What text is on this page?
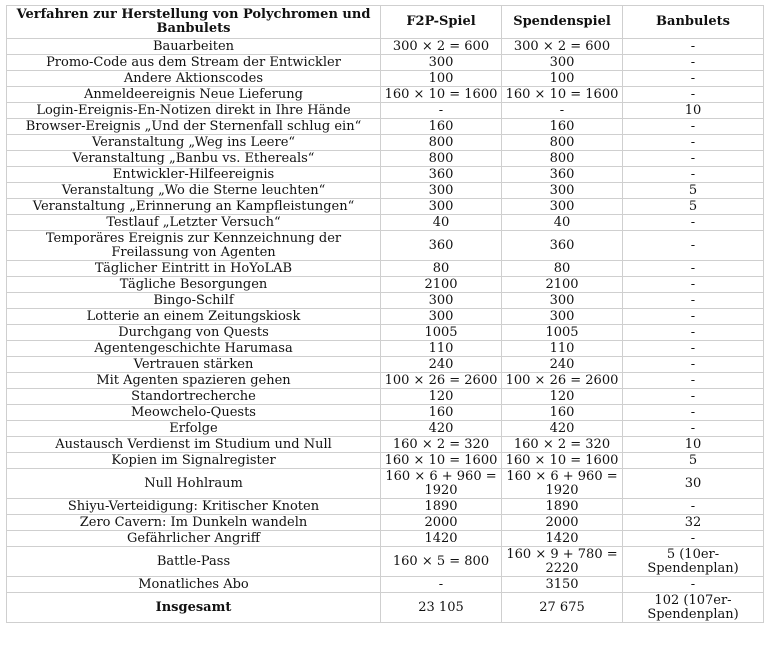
Verfahren zur Herstellung von Polychromen und Banbulets	F2P-Spiel	Spendenspiel	Banbulets
Bauarbeiten	300 × 2 = 600	300 × 2 = 600	-
Promo-Code aus dem Stream der Entwickler	300	300	-
Andere Aktionscodes	100	100	-
Anmeldeereignis Neue Lieferung	160 × 10 = 1600	160 × 10 = 1600	-
Login-Ereignis-En-Notizen direkt in Ihre Hände	-	-	10
Browser-Ereignis „Und der Sternenfall schlug ein“	160	160	-
Veranstaltung „Weg ins Leere“	800	800	-
Veranstaltung „Banbu vs. Ethereals“	800	800	-
Entwickler-Hilfeereignis	360	360	-
Veranstaltung „Wo die Sterne leuchten“	300	300	5
Veranstaltung „Erinnerung an Kampfleistungen“	300	300	5
Testlauf „Letzter Versuch“	40	40	-
Temporäres Ereignis zur Kennzeichnung der Freilassung von Agenten	360	360	-
Täglicher Eintritt in HoYoLAB	80	80	-
Tägliche Besorgungen	2100	2100	-
Bingo-Schilf	300	300	-
Lotterie an einem Zeitungskiosk	300	300	-
Durchgang von Quests	1005	1005	-
Agentengeschichte Harumasa	110	110	-
Vertrauen stärken	240	240	-
Mit Agenten spazieren gehen	100 × 26 = 2600	100 × 26 = 2600	-
Standortrecherche	120	120	-
Meowchelo-Quests	160	160	-
Erfolge	420	420	-
Austausch Verdienst im Studium und Null	160 × 2 = 320	160 × 2 = 320	10
Kopien im Signalregister	160 × 10 = 1600	160 × 10 = 1600	5
Null Hohlraum	160 × 6 + 960 = 1920	160 × 6 + 960 = 1920	30
Shiyu-Verteidigung: Kritischer Knoten	1890	1890	-
Zero Cavern: Im Dunkeln wandeln	2000	2000	32
Gefährlicher Angriff	1420	1420	-
Battle-Pass	160 × 5 = 800	160 × 9 + 780 = 2220	5 (10er-Spendenplan)
Monatliches Abo	-	3150	-
Insgesamt	23 105	27 675	102 (107er-Spendenplan)
